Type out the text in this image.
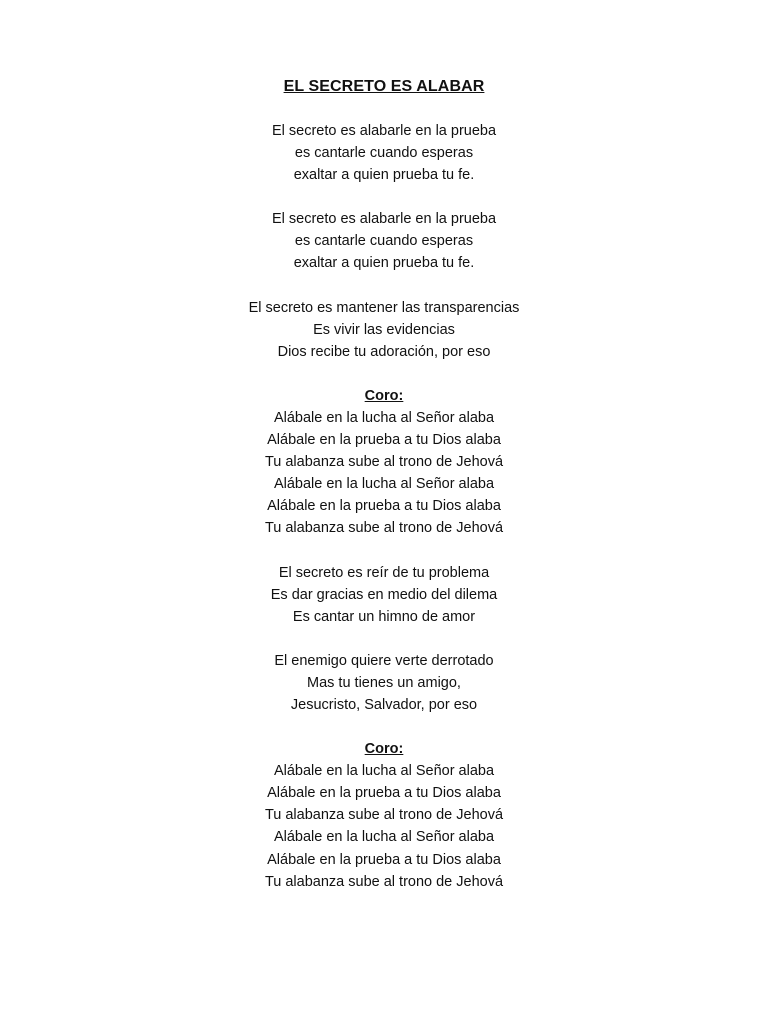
EL SECRETO ES ALABAR
El secreto es alabarle en la prueba
es cantarle cuando esperas
exaltar a quien prueba tu fe.
El secreto es alabarle en la prueba
es cantarle cuando esperas
exaltar a quien prueba tu fe.
El secreto es mantener las transparencias
Es vivir las evidencias
Dios recibe tu adoración, por eso
Coro:
Alábale en la lucha al Señor alaba
Alábale en la prueba a tu Dios alaba
Tu alabanza sube al trono de Jehová
Alábale en la lucha al Señor alaba
Alábale en la prueba a tu Dios alaba
Tu alabanza sube al trono de Jehová
El secreto es reír de tu problema
Es dar gracias en medio del dilema
Es cantar un himno de amor
El enemigo quiere verte derrotado
Mas tu tienes un amigo,
Jesucristo, Salvador, por eso
Coro:
Alábale en la lucha al Señor alaba
Alábale en la prueba a tu Dios alaba
Tu alabanza sube al trono de Jehová
Alábale en la lucha al Señor alaba
Alábale en la prueba a tu Dios alaba
Tu alabanza sube al trono de Jehová
